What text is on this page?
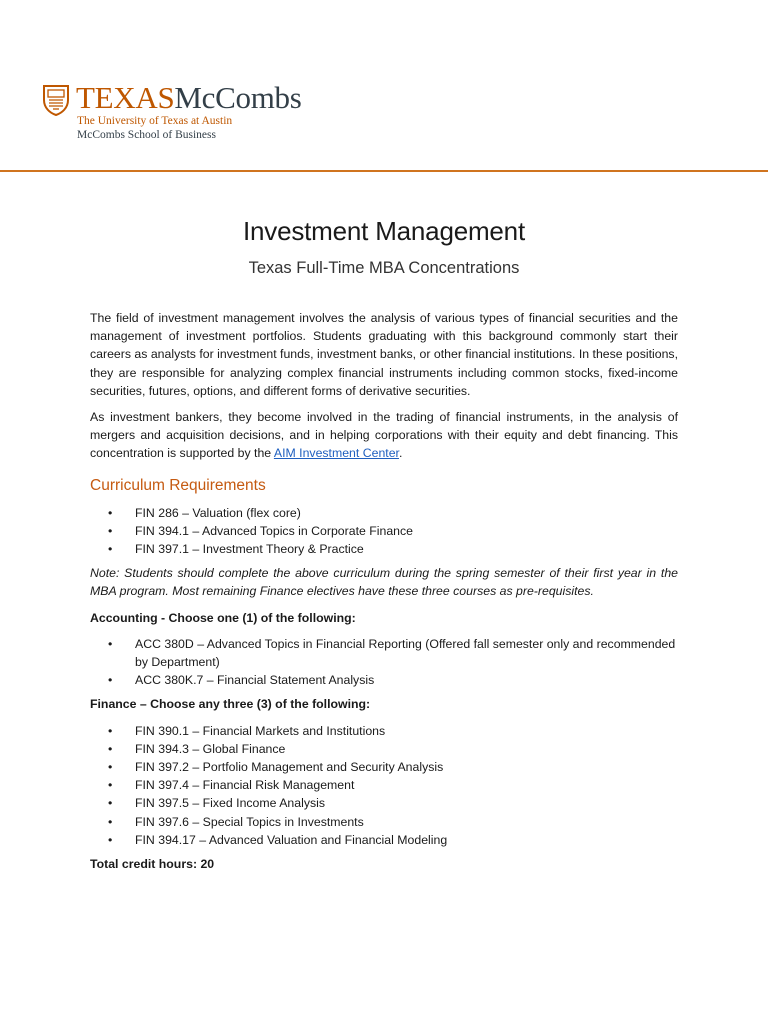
TEXASMcCombs
The University of Texas at Austin
McCombs School of Business
Investment Management
Texas Full-Time MBA Concentrations

The field of investment management involves the analysis of various types of financial securities and the management of investment portfolios. Students graduating with this background commonly start their careers as analysts for investment funds, investment banks, or other financial institutions. In these positions, they are responsible for analyzing complex financial instruments including common stocks, fixed-income securities, futures, options, and different forms of derivative securities.

As investment bankers, they become involved in the trading of financial instruments, in the analysis of mergers and acquisition decisions, and in helping corporations with their equity and debt financing. This concentration is supported by the AIM Investment Center.

Curriculum Requirements
• FIN 286 – Valuation (flex core)
• FIN 394.1 – Advanced Topics in Corporate Finance
• FIN 397.1 – Investment Theory & Practice

Note: Students should complete the above curriculum during the spring semester of their first year in the MBA program. Most remaining Finance electives have these three courses as pre-requisites.

Accounting - Choose one (1) of the following:

• ACC 380D – Advanced Topics in Financial Reporting (Offered fall semester only and recommended by Department)
• ACC 380K.7 – Financial Statement Analysis

Finance – Choose any three (3) of the following:

• FIN 390.1 – Financial Markets and Institutions
• FIN 394.3 – Global Finance
• FIN 397.2 – Portfolio Management and Security Analysis
• FIN 397.4 – Financial Risk Management
• FIN 397.5 – Fixed Income Analysis
• FIN 397.6 – Special Topics in Investments
• FIN 394.17 – Advanced Valuation and Financial Modeling

Total credit hours: 20
